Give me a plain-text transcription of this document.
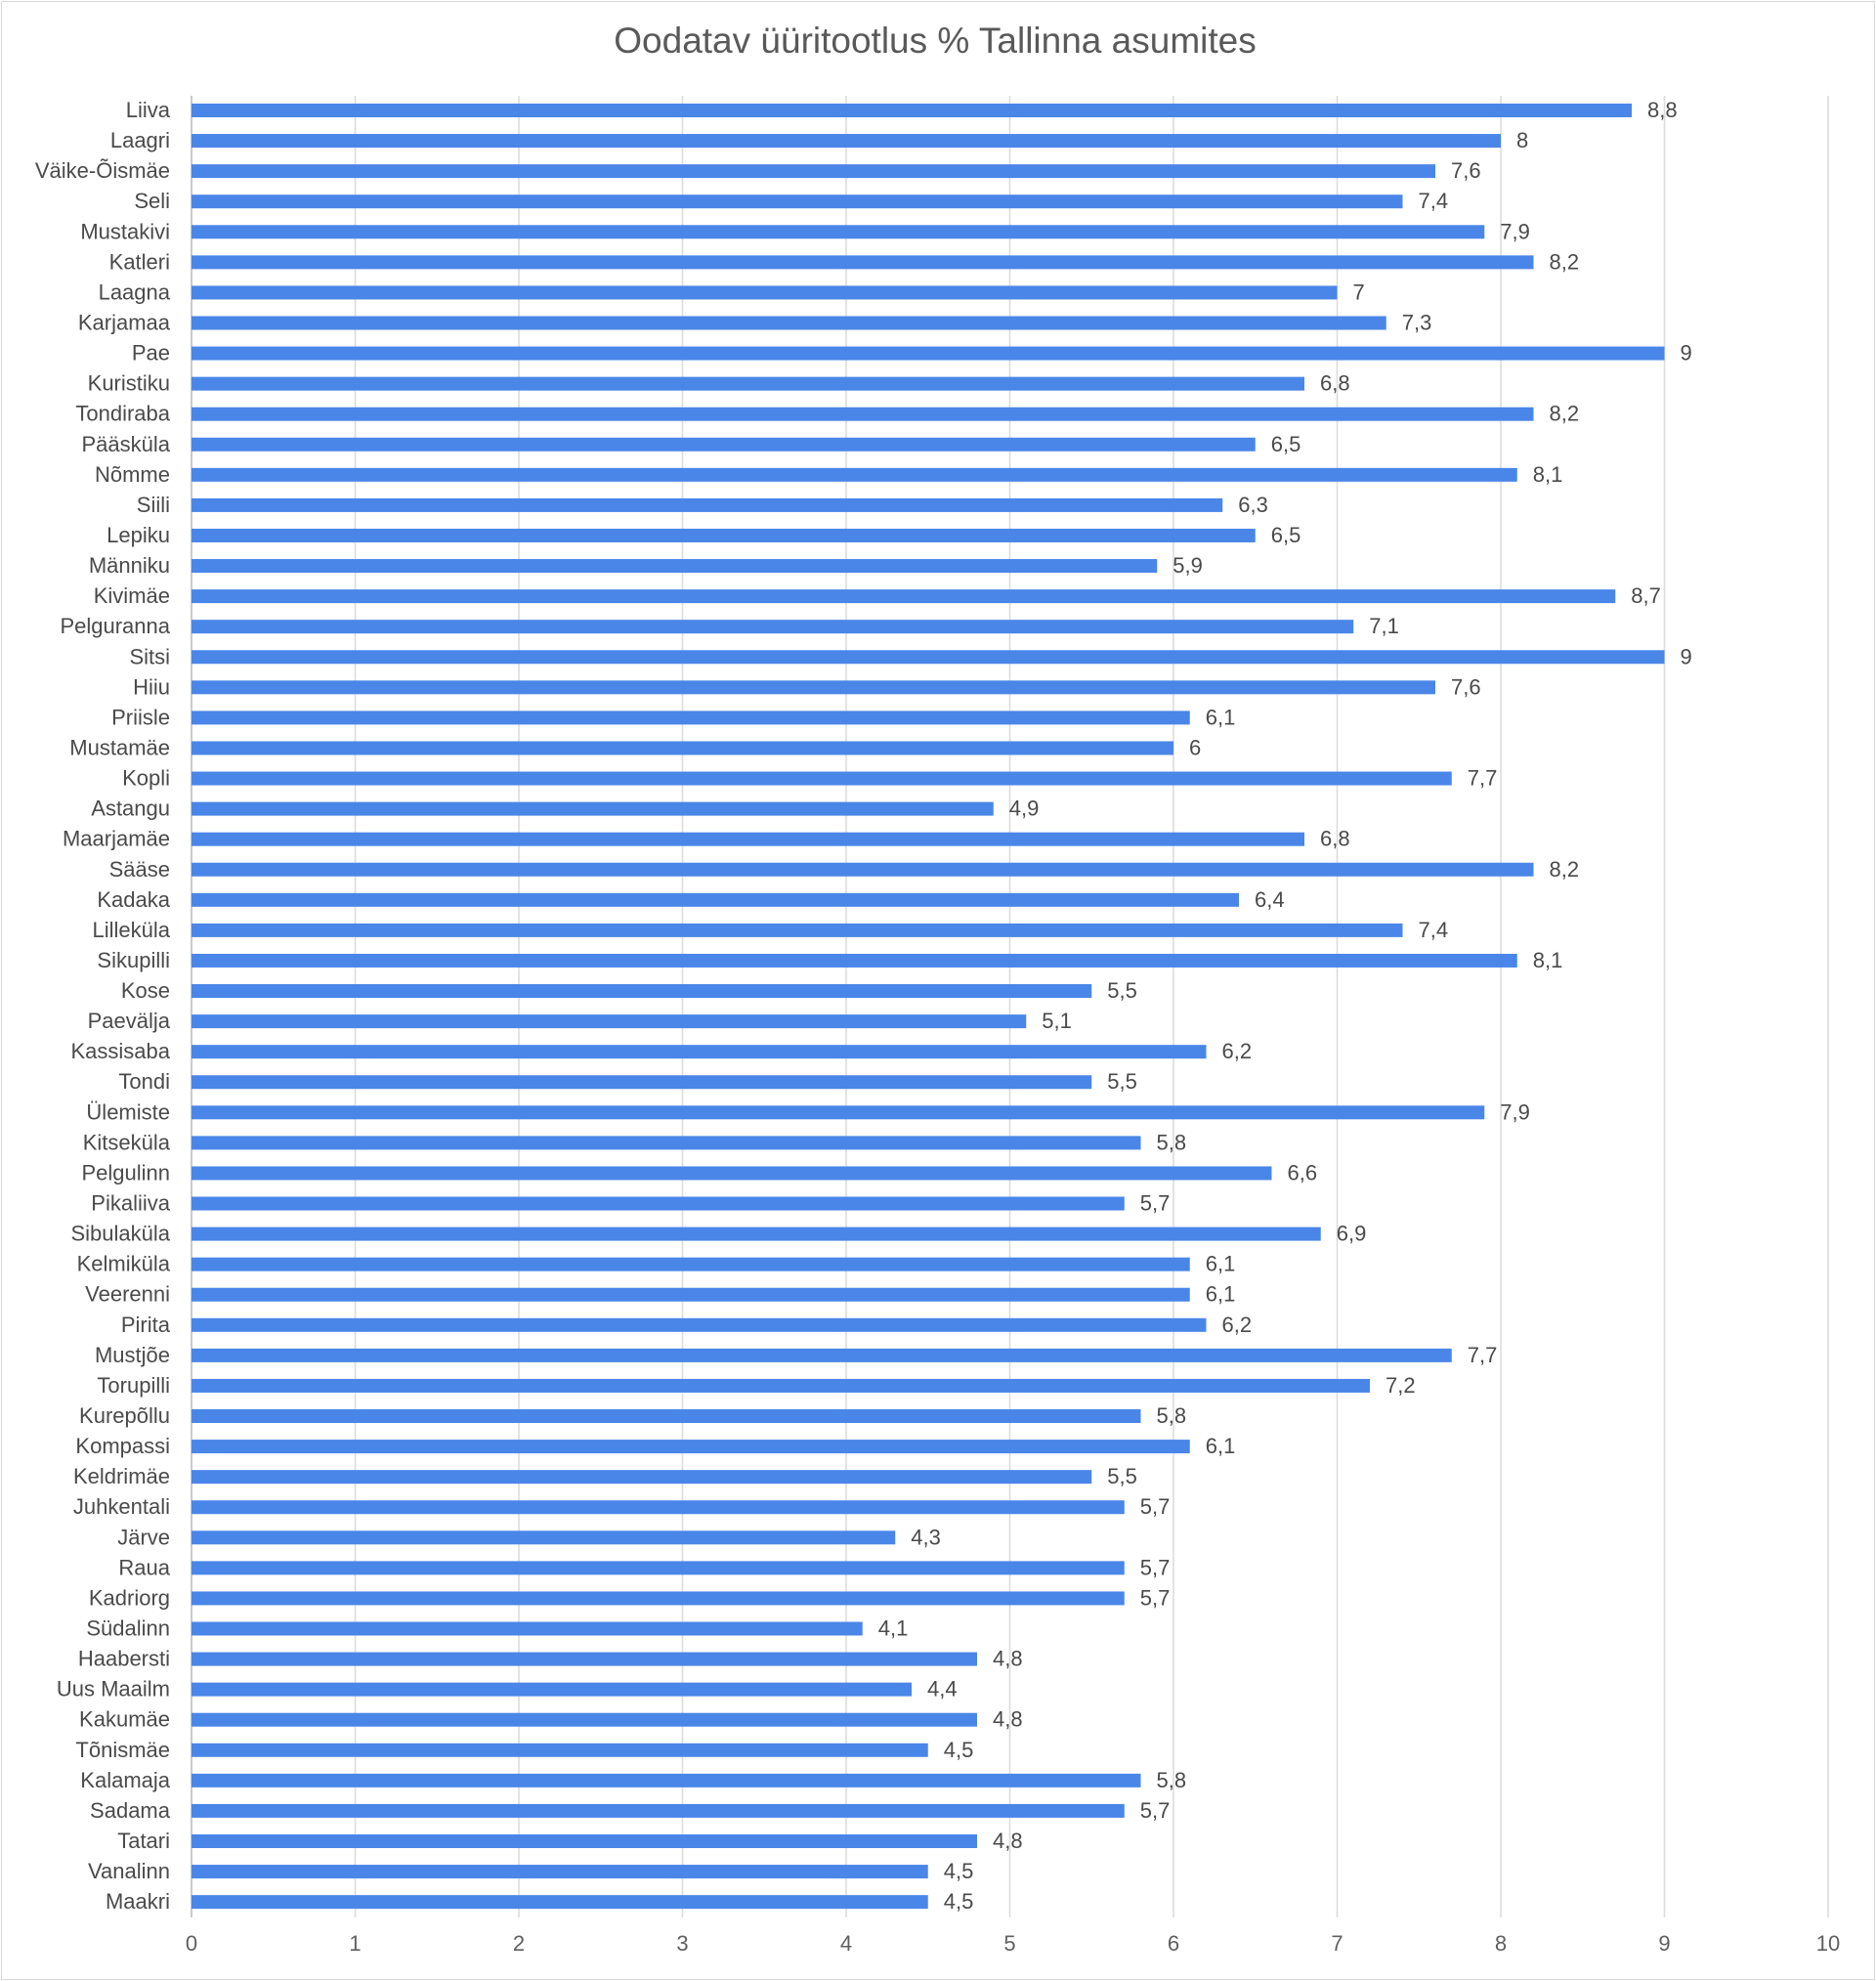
Oodatav üüritootlus % Tallinna asumites
Liiva
Laagri
Väike-Õismäe
Seli
Mustakivi
Katleri
Laagna
Karjamaa
Pae
Kuristiku
Tondiraba
Pääsküla
Nõmme
Siili
Lepiku
Männiku
Kivimäe
Pelguranna
Sitsi
Hiiu
Priisle
Mustamäe
Kopli
Astangu
Maarjamäe
Sääse
Kadaka
Lilleküla
Sikupilli
Kose
Paevälja
Kassisaba
Tondi
Ülemiste
Kitseküla
Pelgulinn
Pikaliiva
Sibulaküla
Kelmiküla
Veerenni
Pirita
Mustjõe
Torupilli
Kurepõllu
Kompassi
Keldrimäe
Juhkentali
Järve
Raua
Kadriorg
Südalinn
Haabersti
Uus Maailm
Kakumäe
Tõnismäe
Kalamaja
Sadama
Tatari
Vanalinn
Maakri
8,8
8
7,6
7,4
7,9
8,2
7
7,3
9
6,8
8,2
6,5
8,1
6,3
6,5
5,9
8,7
7,1
9
7,6
6,1
6
7,7
4,9
6,8
8,2
6,4
7,4
8,1
5,5
5,1
6,2
5,5
7,9
5,8
6,6
5,7
6,9
6,1
6,1
6,2
7,7
7,2
5,8
6,1
5,5
5,7
4,3
5,7
5,7
4,1
4,8
4,4
4,8
4,5
5,8
5,7
4,8
4,5
4,5
0	1	2	3	4	5	6	7	8	9	10
